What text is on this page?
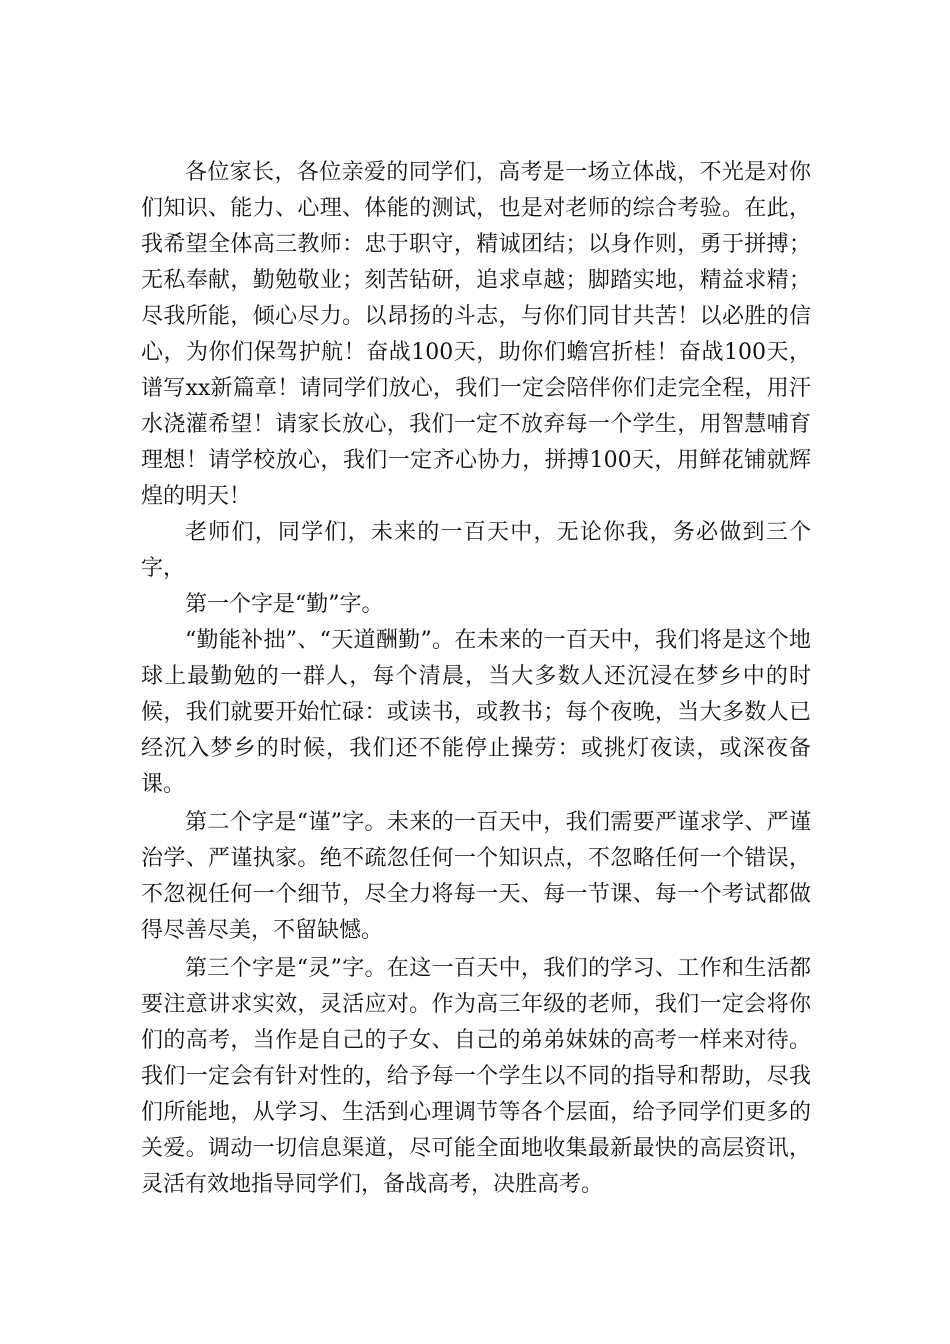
各位家长，各位亲爱的同学们，高考是一场立体战，不光是对你们知识、能力、心理、体能的测试，也是对老师的综合考验。在此，我希望全体高三教师：忠于职守，精诚团结；以身作则，勇于拼搏；无私奉献，勤勉敬业；刻苦钻研，追求卓越；脚踏实地，精益求精；尽我所能，倾心尽力。以昂扬的斗志，与你们同甘共苦！以必胜的信心，为你们保驾护航！奋战100天，助你们蟾宫折桂！奋战100天，谱写xx新篇章！请同学们放心，我们一定会陪伴你们走完全程，用汗水浇灌希望！请家长放心，我们一定不放弃每一个学生，用智慧哺育理想！请学校放心，我们一定齐心协力，拼搏100天，用鲜花铺就辉煌的明天！

老师们，同学们，未来的一百天中，无论你我，务必做到三个字，

第一个字是“勤”字。

“勤能补拙”、“天道酬勤”。在未来的一百天中，我们将是这个地球上最勤勉的一群人，每个清晨，当大多数人还沉浸在梦乡中的时候，我们就要开始忙碌：或读书，或教书；每个夜晚，当大多数人已经沉入梦乡的时候，我们还不能停止操劳：或挑灯夜读，或深夜备课。

第二个字是“谨”字。未来的一百天中，我们需要严谨求学、严谨治学、严谨执家。绝不疏忽任何一个知识点，不忽略任何一个错误，不忽视任何一个细节，尽全力将每一天、每一节课、每一个考试都做得尽善尽美，不留缺憾。

第三个字是“灵”字。在这一百天中，我们的学习、工作和生活都要注意讲求实效，灵活应对。作为高三年级的老师，我们一定会将你们的高考，当作是自己的子女、自己的弟弟妹妹的高考一样来对待。我们一定会有针对性的，给予每一个学生以不同的指导和帮助，尽我们所能地，从学习、生活到心理调节等各个层面，给予同学们更多的关爱。调动一切信息渠道，尽可能全面地收集最新最快的高层资讯，灵活有效地指导同学们，备战高考，决胜高考。
